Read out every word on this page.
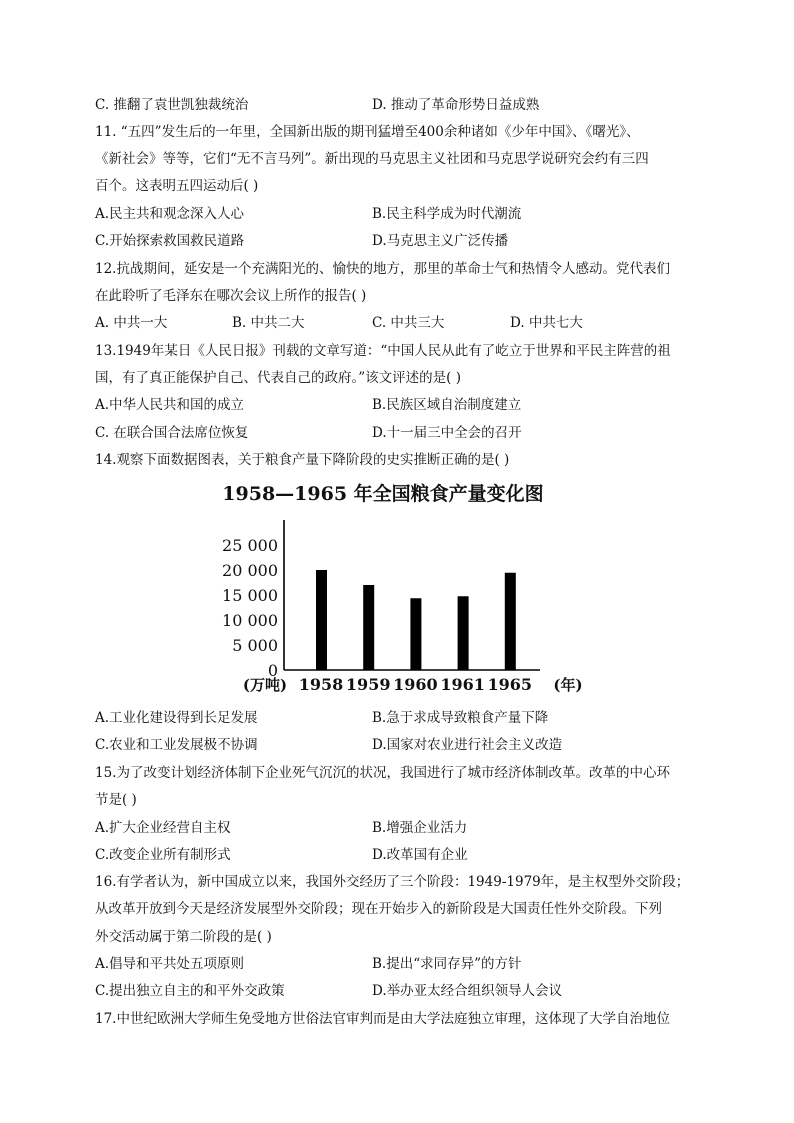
C. 推翻了袁世凯独裁统治	D. 推动了革命形势日益成熟
11. “五四”发生后的一年里，全国新出版的期刊猛增至400余种诸如《少年中国》、《曙光》、
《新社会》等等，它们“无不言马列”。新出现的马克思主义社团和马克思学说研究会约有三四
百个。这表明五四运动后( )
A.民主共和观念深入人心	B.民主科学成为时代潮流
C.开始探索救国救民道路	D.马克思主义广泛传播
12.抗战期间，延安是一个充满阳光的、愉快的地方，那里的革命士气和热情令人感动。党代表们
在此聆听了毛泽东在哪次会议上所作的报告( )
A. 中共一大	B. 中共二大	C. 中共三大	D. 中共七大
13.1949年某日《人民日报》刊载的文章写道：“中国人民从此有了屹立于世界和平民主阵营的祖
国，有了真正能保护自己、代表自己的政府。”该文评述的是( )
A.中华人民共和国的成立	B.民族区域自治制度建立
C. 在联合国合法席位恢复	D.十一届三中全会的召开
14.观察下面数据图表，关于粮食产量下降阶段的史实推断正确的是( )
1958—1965 年全国粮食产量变化图
25 000
20 000
15 000
10 000
5 000
0
1958 1959 1960 1961 1965
(万吨)	(年)
A.工业化建设得到长足发展	B.急于求成导致粮食产量下降
C.农业和工业发展极不协调	D.国家对农业进行社会主义改造
15.为了改变计划经济体制下企业死气沉沉的状况，我国进行了城市经济体制改革。改革的中心环
节是( )
A.扩大企业经营自主权	B.增强企业活力
C.改变企业所有制形式	D.改革国有企业
16.有学者认为，新中国成立以来，我国外交经历了三个阶段：1949-1979年，是主权型外交阶段；
从改革开放到今天是经济发展型外交阶段；现在开始步入的新阶段是大国责任性外交阶段。下列
外交活动属于第二阶段的是( )
A.倡导和平共处五项原则	B.提出“求同存异”的方针
C.提出独立自主的和平外交政策	D.举办亚太经合组织领导人会议
17.中世纪欧洲大学师生免受地方世俗法官审判而是由大学法庭独立审理，这体现了大学自治地位
